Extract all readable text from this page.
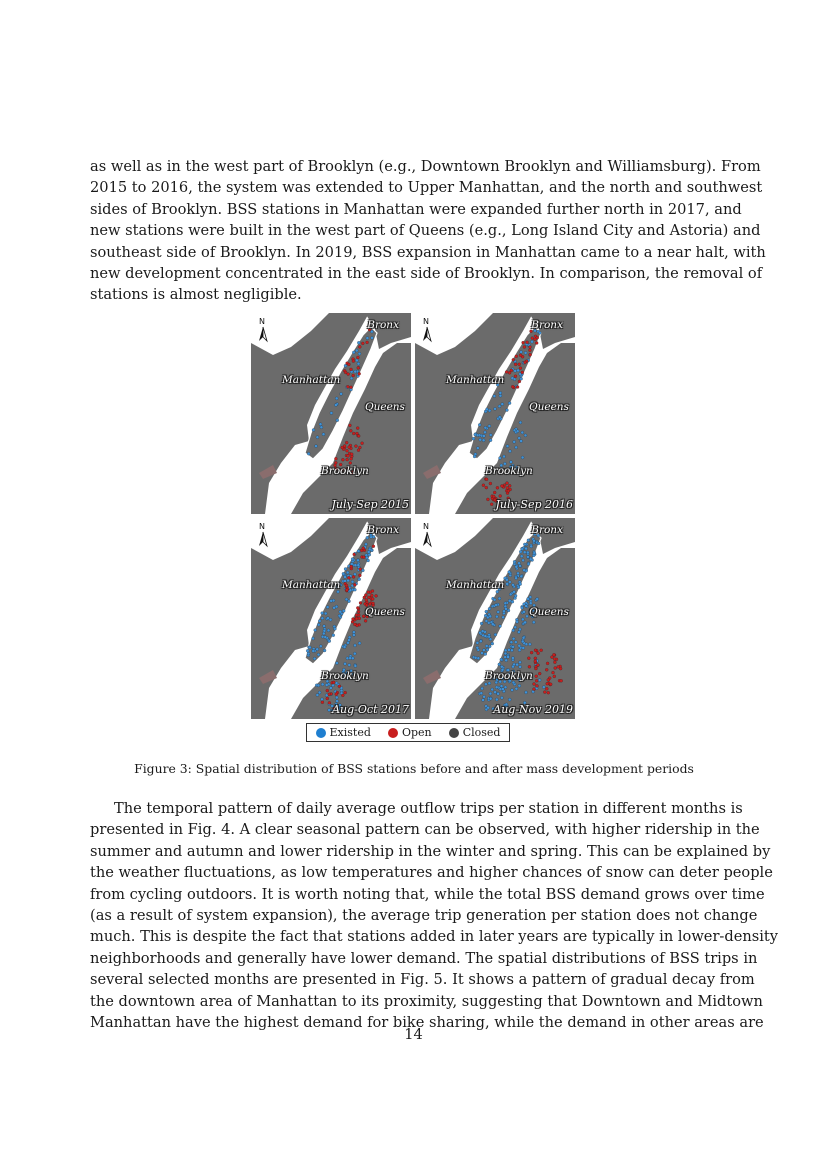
as well as in the west part of Brooklyn (e.g., Downtown Brooklyn and Williamsburg). From
2015 to 2016, the system was extended to Upper Manhattan, and the north and southwest
sides of Brooklyn. BSS stations in Manhattan were expanded further north in 2017, and
new stations were built in the west part of Queens (e.g., Long Island City and Astoria) and
southeast side of Brooklyn. In 2019, BSS expansion in Manhattan came to a near halt, with
new development concentrated in the east side of Brooklyn. In comparison, the removal of
stations is almost negligible.
N	Bronx
Manhattan
Queens
Brooklyn
July-Sep 2015
N	Bronx
Manhattan
Queens
Brooklyn
July-Sep 2016
N	Bronx
Manhattan
Queens
Brooklyn
Aug-Oct 2017
N	Bronx
Manhattan
Queens
Brooklyn
Aug-Nov 2019
Existed	Open	Closed
Figure 3: Spatial distribution of BSS stations before and after mass development periods
The temporal pattern of daily average outflow trips per station in different months is
presented in Fig. 4. A clear seasonal pattern can be observed, with higher ridership in the
summer and autumn and lower ridership in the winter and spring. This can be explained by
the weather fluctuations, as low temperatures and higher chances of snow can deter people
from cycling outdoors. It is worth noting that, while the total BSS demand grows over time
(as a result of system expansion), the average trip generation per station does not change
much. This is despite the fact that stations added in later years are typically in lower-density
neighborhoods and generally have lower demand. The spatial distributions of BSS trips in
several selected months are presented in Fig. 5. It shows a pattern of gradual decay from
the downtown area of Manhattan to its proximity, suggesting that Downtown and Midtown
Manhattan have the highest demand for bike sharing, while the demand in other areas are
14
